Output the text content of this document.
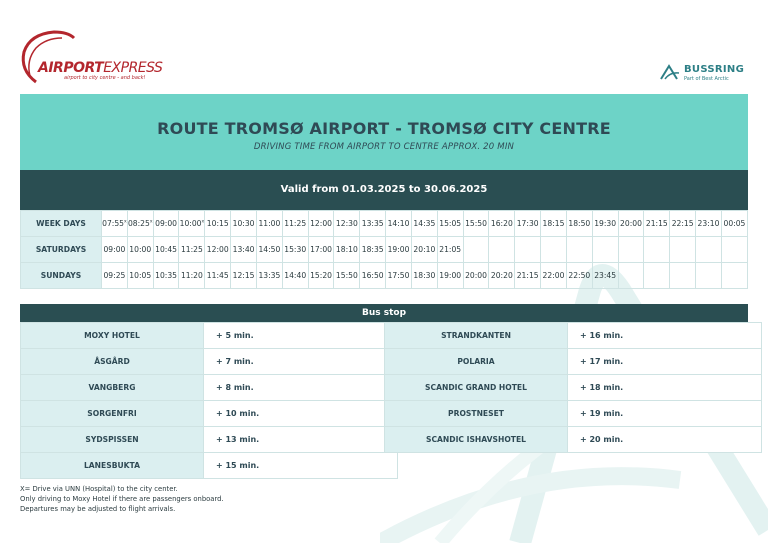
AIRPORTEXPRESS
airport to city centre - and back!
BUSSRING
Part of Best Arctic
ROUTE TROMSØ AIRPORT - TROMSØ CITY CENTRE
DRIVING TIME FROM AIRPORT TO CENTRE APPROX. 20 MIN
Valid from 01.03.2025 to 30.06.2025
WEEK DAYS	07:55$^x$	08:25$^x$	09:00	10:00$^x$	10:15	10:30	11:00	11:25	12:00	12:30	13:35	14:10	14:35	15:05	15:50	16:20	17:30	18:15	18:50	19:30	20:00	21:15	22:15	23:10	00:05
SATURDAYS	09:00	10:00	10:45	11:25	12:00	13:40	14:50	15:30	17:00	18:10	18:35	19:00	20:10	21:05											
SUNDAYS	09:25	10:05	10:35	11:20	11:45	12:15	13:35	14:40	15:20	15:50	16:50	17:50	18:30	19:00	20:00	20:20	21:15	22:00	22:50	23:45					
Bus stop
MOXY HOTEL	+ 5 min.
ÅSGÅRD	+ 7 min.
VANGBERG	+ 8 min.
SORGENFRI	+ 10 min.
SYDSPISSEN	+ 13 min.
LANESBUKTA	+ 15 min.
STRANDKANTEN	+ 16 min.
POLARIA	+ 17 min.
SCANDIC GRAND HOTEL	+ 18 min.
PROSTNESET	+ 19 min.
SCANDIC ISHAVSHOTEL	+ 20 min.
X= Drive via UNN (Hospital) to the city center.
Only driving to Moxy Hotel if there are passengers onboard.
Departures may be adjusted to flight arrivals.
